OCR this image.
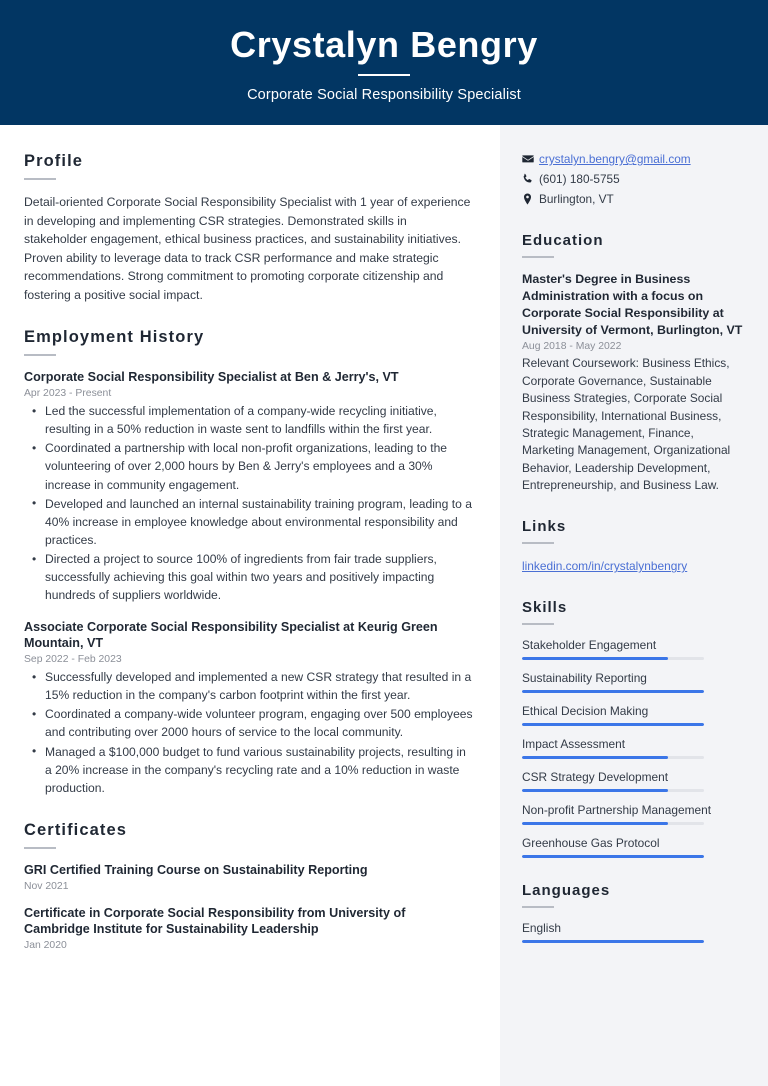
Crystalyn Bengry
Corporate Social Responsibility Specialist
Profile
Detail-oriented Corporate Social Responsibility Specialist with 1 year of experience in developing and implementing CSR strategies. Demonstrated skills in stakeholder engagement, ethical business practices, and sustainability initiatives. Proven ability to leverage data to track CSR performance and make strategic recommendations. Strong commitment to promoting corporate citizenship and fostering a positive social impact.
Employment History
Corporate Social Responsibility Specialist at Ben & Jerry's, VT
Apr 2023 - Present
• Led the successful implementation of a company-wide recycling initiative, resulting in a 50% reduction in waste sent to landfills within the first year.
• Coordinated a partnership with local non-profit organizations, leading to the volunteering of over 2,000 hours by Ben & Jerry's employees and a 30% increase in community engagement.
• Developed and launched an internal sustainability training program, leading to a 40% increase in employee knowledge about environmental responsibility and practices.
• Directed a project to source 100% of ingredients from fair trade suppliers, successfully achieving this goal within two years and positively impacting hundreds of suppliers worldwide.
Associate Corporate Social Responsibility Specialist at Keurig Green Mountain, VT
Sep 2022 - Feb 2023
• Successfully developed and implemented a new CSR strategy that resulted in a 15% reduction in the company's carbon footprint within the first year.
• Coordinated a company-wide volunteer program, engaging over 500 employees and contributing over 2000 hours of service to the local community.
• Managed a $100,000 budget to fund various sustainability projects, resulting in a 20% increase in the company's recycling rate and a 10% reduction in waste production.
Certificates
GRI Certified Training Course on Sustainability Reporting
Nov 2021
Certificate in Corporate Social Responsibility from University of Cambridge Institute for Sustainability Leadership
Jan 2020
crystalyn.bengry@gmail.com
(601) 180-5755
Burlington, VT
Education
Master's Degree in Business Administration with a focus on Corporate Social Responsibility at University of Vermont, Burlington, VT
Aug 2018 - May 2022
Relevant Coursework: Business Ethics, Corporate Governance, Sustainable Business Strategies, Corporate Social Responsibility, International Business, Strategic Management, Finance, Marketing Management, Organizational Behavior, Leadership Development, Entrepreneurship, and Business Law.
Links
linkedin.com/in/crystalynbengry
Skills
Stakeholder Engagement
Sustainability Reporting
Ethical Decision Making
Impact Assessment
CSR Strategy Development
Non-profit Partnership Management
Greenhouse Gas Protocol
Languages
English
